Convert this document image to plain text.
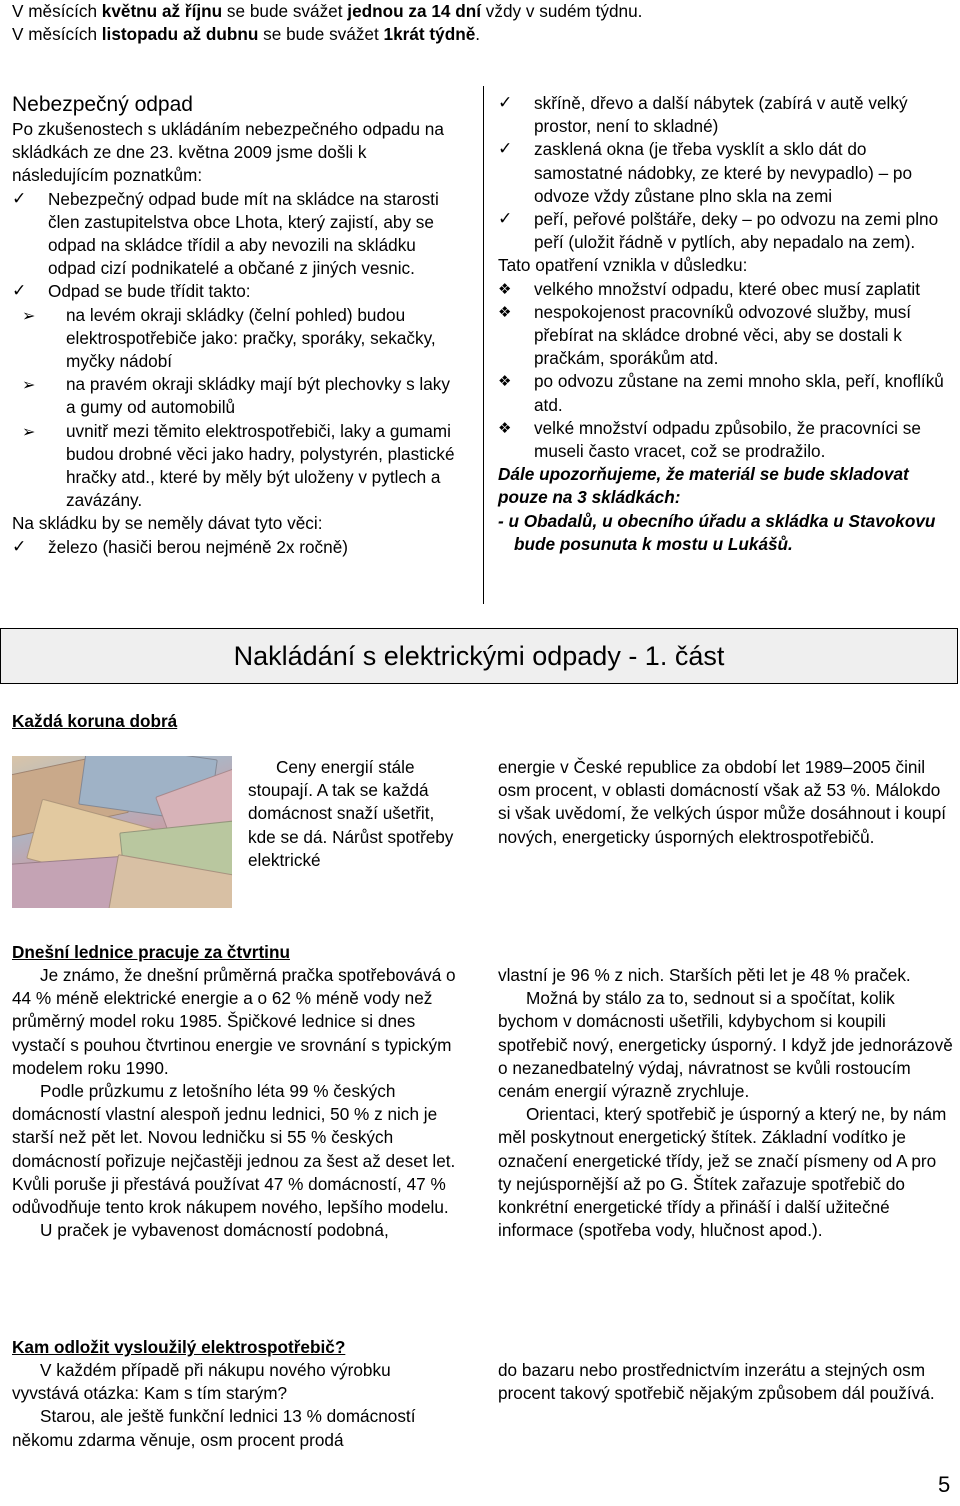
V měsících květnu až říjnu se bude svážet jednou za 14 dní vždy v sudém týdnu.

V měsících listopadu až dubnu se bude svážet 1krát týdně.

Nebezpečný odpad

Po zkušenostech s ukládáním nebezpečného odpadu na skládkách ze dne 23. května 2009 jsme došli k následujícím poznatkům:

✓ Nebezpečný odpad bude mít na skládce na starosti člen zastupitelstva obce Lhota, který zajistí, aby se odpad na skládce třídil a aby nevozili na skládku odpad cizí podnikatelé a občané z jiných vesnic.
✓ Odpad se bude třídit takto:
➢ na levém okraji skládky (čelní pohled) budou elektrospotřebiče jako: pračky, sporáky, sekačky, myčky nádobí
➢ na pravém okraji skládky mají být plechovky s laky a gumy od automobilů
➢ uvnitř mezi těmito elektrospotřebiči, laky a gumami budou drobné věci jako hadry, polystyrén, plastické hračky atd., které by měly být uloženy v pytlech a zavázány.

Na skládku by se neměly dávat tyto věci:

✓ železo (hasiči berou nejméně 2x ročně)
✓ skříně, dřevo a další nábytek (zabírá v autě velký prostor, není to skladné)
✓ zasklená okna (je třeba vysklít a sklo dát do samostatné nádobky, ze které by nevypadlo) – po odvoze vždy zůstane plno skla na zemi
✓ peří, peřové polštáře, deky – po odvozu na zemi plno peří (uložit řádně v pytlích, aby nepadalo na zem).

Tato opatření vznikla v důsledku:

❖ velkého množství odpadu, které obec musí zaplatit
❖ nespokojenost pracovníků odvozové služby, musí přebírat na skládce drobné věci, aby se dostali k pračkám, sporákům atd.
❖ po odvozu zůstane na zemi mnoho skla, peří, knoflíků atd.
❖ velké množství odpadu způsobilo, že pracovníci se museli často vracet, což se prodražilo.

Dále upozorňujeme, že materiál se bude skladovat pouze na 3 skládkách:

- u Obadalů, u obecního úřadu a skládka u Stavokovu bude posunuta k mostu u Lukášů.

Nakládání s elektrickými odpady - 1. část

Každá koruna dobrá

Ceny energií stále stoupají. A tak se každá domácnost snaží ušetřit, kde se dá. Nárůst spotřeby elektrické

energie v České republice za období let 1989–2005 činil osm procent, v oblasti domácností však až 53 %. Málokdo si však uvědomí, že velkých úspor může dosáhnout i koupí nových, energeticky úsporných elektrospotřebičů.

Dnešní lednice pracuje za čtvrtinu

Je známo, že dnešní průměrná pračka spotřebovává o 44 % méně elektrické energie a o 62 % méně vody než průměrný model roku 1985. Špičkové lednice si dnes vystačí s pouhou čtvrtinou energie ve srovnání s typickým modelem roku 1990.

Podle průzkumu z letošního léta 99 % českých domácností vlastní alespoň jednu lednici, 50 % z nich je starší než pět let. Novou ledničku si 55 % českých domácností pořizuje nejčastěji jednou za šest až deset let. Kvůli poruše ji přestává používat 47 % domácností, 47 % odůvodňuje tento krok nákupem nového, lepšího modelu.

U praček je vybavenost domácností podobná,

vlastní je 96 % z nich. Starších pěti let je 48 % praček.

Možná by stálo za to, sednout si a spočítat, kolik bychom v domácnosti ušetřili, kdybychom si koupili spotřebič nový, energeticky úsporný. I když jde jednorázově o nezanedbatelný výdaj, návratnost se kvůli rostoucím cenám energií výrazně zrychluje.

Orientaci, který spotřebič je úsporný a který ne, by nám měl poskytnout energetický štítek. Základní vodítko je označení energetické třídy, jež se značí písmeny od A pro ty nejúspornější až po G. Štítek zařazuje spotřebič do konkrétní energetické třídy a přináší i další užitečné informace (spotřeba vody, hlučnost apod.).

Kam odložit vysloužilý elektrospotřebič?

V každém případě při nákupu nového výrobku vyvstává otázka: Kam s tím starým?

Starou, ale ještě funkční lednici 13 % domácností někomu zdarma věnuje, osm procent prodá

do bazaru nebo prostřednictvím inzerátu a stejných osm procent takový spotřebič nějakým způsobem dál používá.

5
